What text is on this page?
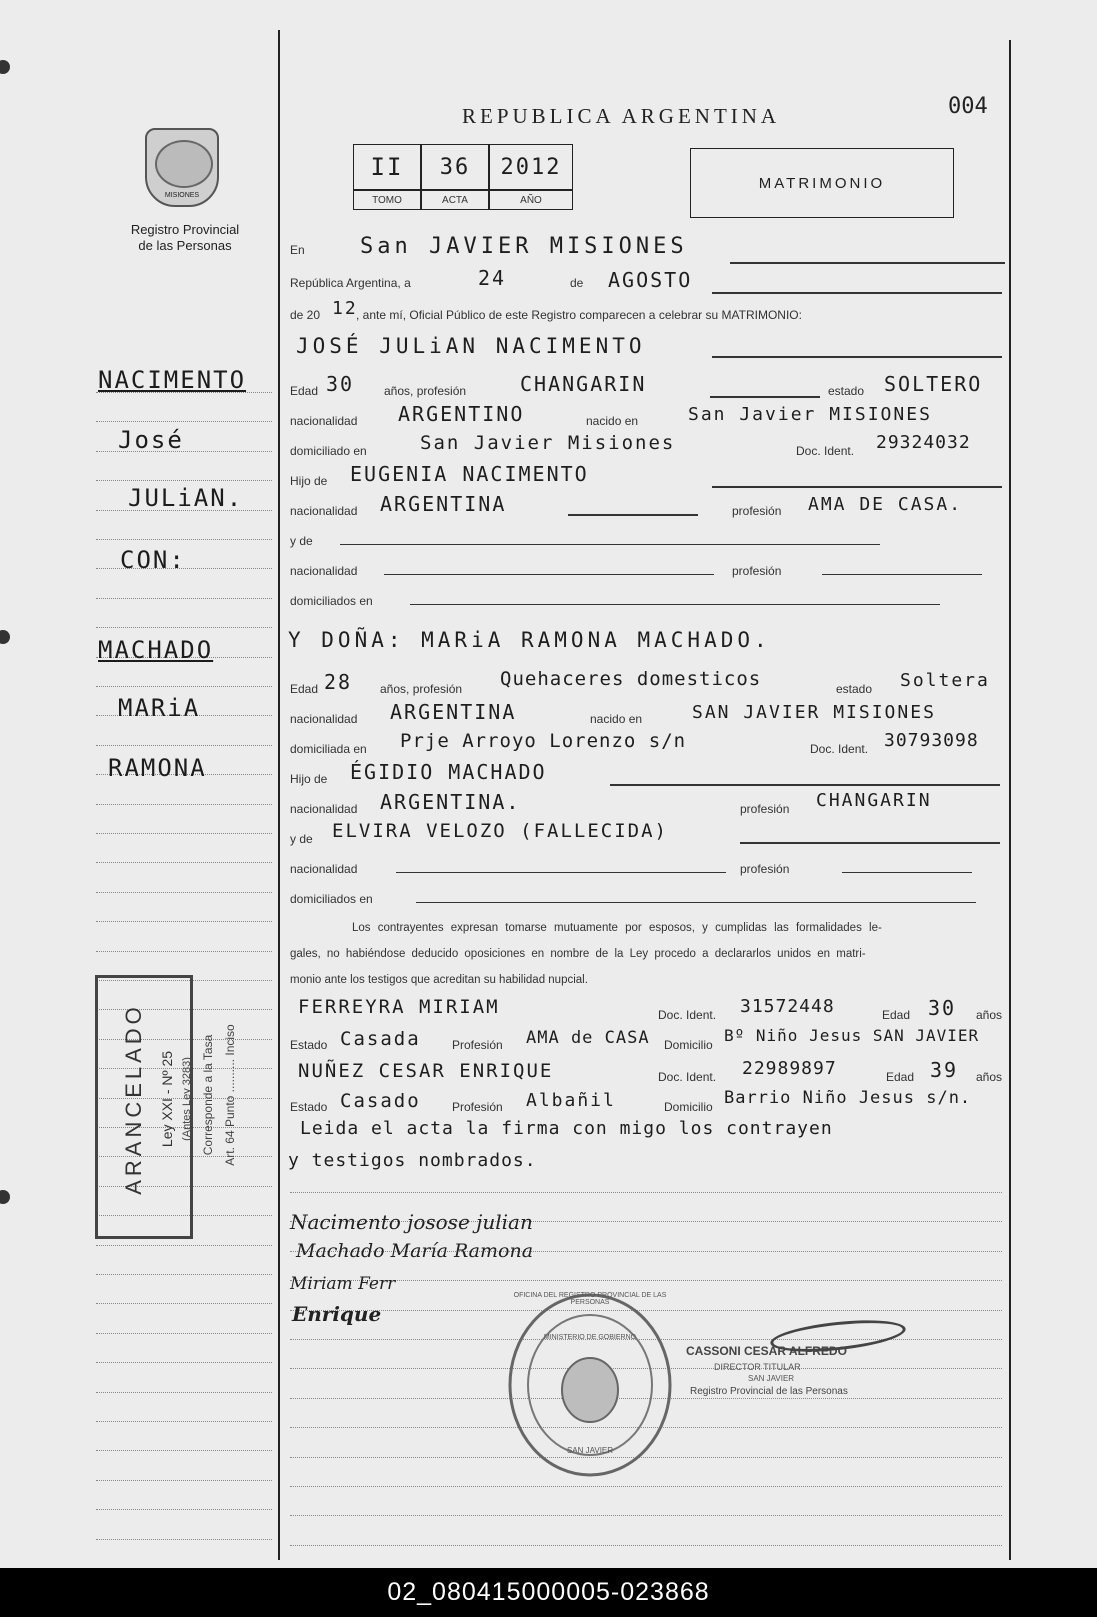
REPUBLICA ARGENTINA	004
MISIONES
Registro Provincial
de las Personas
II	36	2012
TOMO	ACTA	AÑO
MATRIMONIO
NACIMENTO
José
JULiAN.
CON:
MACHADO
MARiA
RAMONA
ARANCELADO Ley XXI - Nº 25 (Antes Ley 3283) Corresponde a la Tasa Art. 64 Punto .......... Inciso
En	San JAVIER MISIONES
República Argentina, a	24	de AGOSTO
de 20 12
, ante mí, Oficial Público de este Registro comparecen a celebrar su MATRIMONIO:
JOSÉ JULiAN NACIMENTO
Edad 30 años, profesión	CHANGARIN	estado SOLTERO
nacionalidad ARGENTINO	nacido en	San Javier MISIONES
domiciliado en	San Javier Misiones	Doc. Ident. 29324032
Hijo de EUGENIA NACIMENTO
nacionalidad ARGENTINA	profesión AMA DE CASA.
y de
nacionalidad	profesión
domiciliados en
Y DOÑA: MARiA RAMONA MACHADO.
Edad 28 años, profesión Quehaceres domesticos	estado Soltera
nacionalidad ARGENTINA	nacido en	SAN JAVIER MISIONES
domiciliada en Prje Arroyo Lorenzo s/n	Doc. Ident. 30793098
Hijo de ÉGIDIO MACHADO
nacionalidad ARGENTINA.	profesión CHANGARIN
y de ELVIRA VELOZO (FALLECIDA)
nacionalidad	profesión
domiciliados en
Los contrayentes expresan tomarse mutuamente por esposos, y cumplidas las formalidades le-
gales, no habiéndose deducido oposiciones en nombre de la Ley procedo a declararlos unidos en matri-
monio ante los testigos que acreditan su habilidad nupcial.
FERREYRA MIRIAM	Doc. Ident. 31572448	Edad 30 años
Estado Casada	Profesión AMA de CASA Domicilio Bº Niño Jesus SAN JAVIER
NUÑEZ CESAR ENRIQUE	Doc. Ident. 22989897	Edad 39 años
Estado Casado	Profesión Albañil	Domicilio Barrio Niño Jesus s/n.
Leida el acta la firma con migo los contrayen
y testigos nombrados.
Nacimento josose julian
Machado María Ramona
Miriam Ferr
Enrique
OFICINA DEL REGISTRO PROVINCIAL DE LAS PERSONAS
MINISTERIO DE GOBIERNO
SAN JAVIER
CASSONI CESAR ALFREDO
DIRECTOR TITULAR
SAN JAVIER
Registro Provincial de las Personas
02_080415000005-023868
